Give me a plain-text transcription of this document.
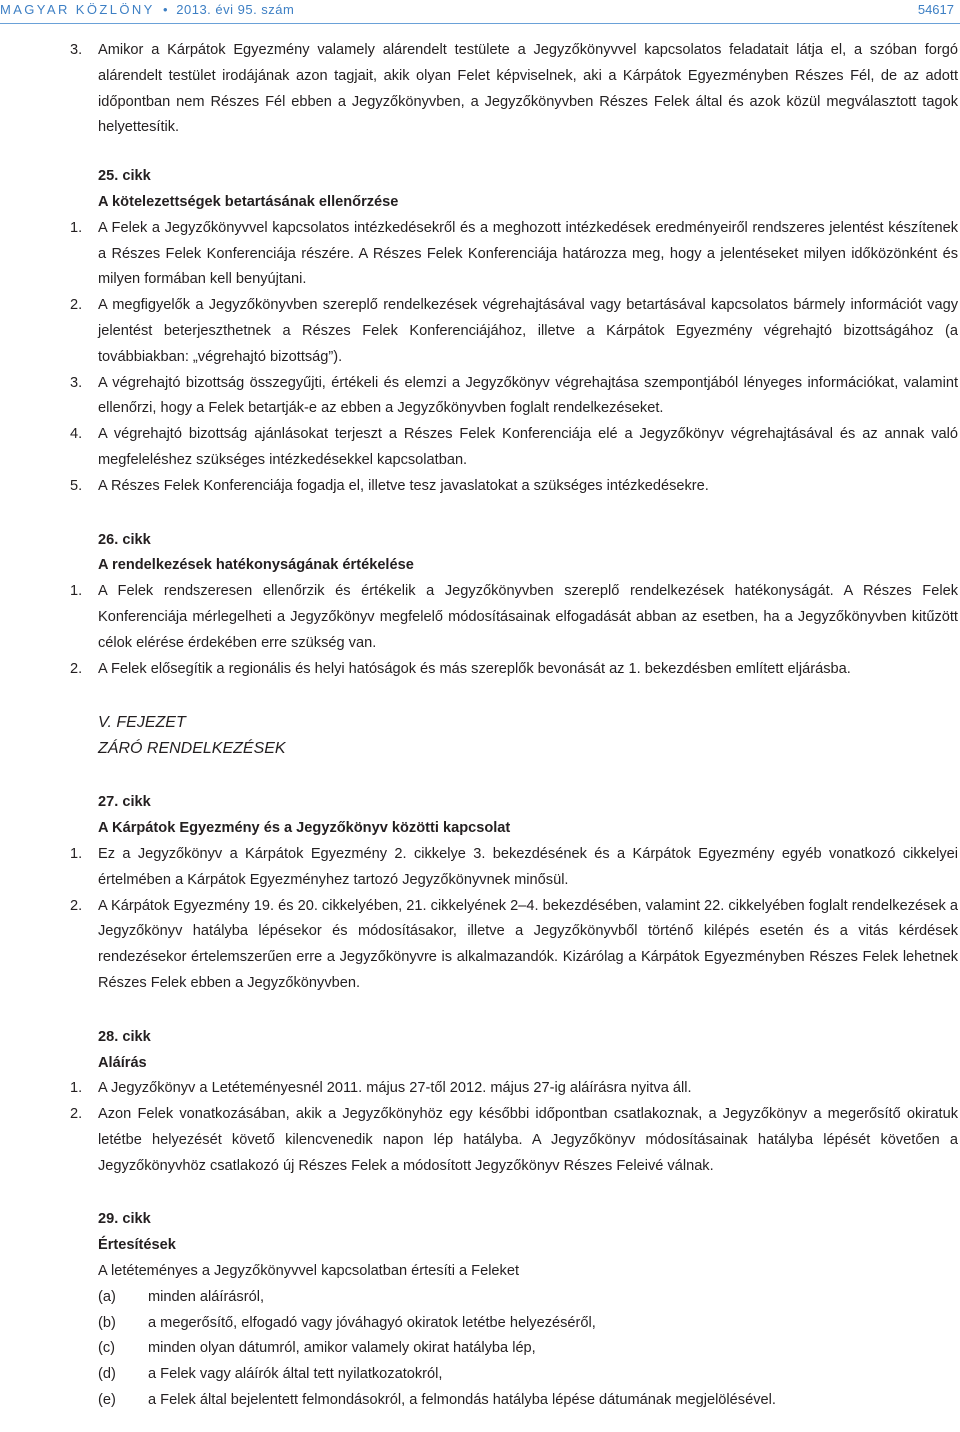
MAGYAR KÖZLÖNY • 2013. évi 95. szám	54617
3. Amikor a Kárpátok Egyezmény valamely alárendelt testülete a Jegyzőkönyvvel kapcsolatos feladatait látja el, a szóban forgó alárendelt testület irodájának azon tagjait, akik olyan Felet képviselnek, aki a Kárpátok Egyezményben Részes Fél, de az adott időpontban nem Részes Fél ebben a Jegyzőkönyvben, a Jegyzőkönyvben Részes Felek által és azok közül megválasztott tagok helyettesítik.
25. cikk
A kötelezettségek betartásának ellenőrzése
1. A Felek a Jegyzőkönyvvel kapcsolatos intézkedésekről és a meghozott intézkedések eredményeiről rendszeres jelentést készítenek a Részes Felek Konferenciája részére. A Részes Felek Konferenciája határozza meg, hogy a jelentéseket milyen időközönként és milyen formában kell benyújtani.
2. A megfigyelők a Jegyzőkönyvben szereplő rendelkezések végrehajtásával vagy betartásával kapcsolatos bármely információt vagy jelentést beterjeszthetnek a Részes Felek Konferenciájához, illetve a Kárpátok Egyezmény végrehajtó bizottságához (a továbbiakban: „végrehajtó bizottság”).
3. A végrehajtó bizottság összegyűjti, értékeli és elemzi a Jegyzőkönyv végrehajtása szempontjából lényeges információkat, valamint ellenőrzi, hogy a Felek betartják-e az ebben a Jegyzőkönyvben foglalt rendelkezéseket.
4. A végrehajtó bizottság ajánlásokat terjeszt a Részes Felek Konferenciája elé a Jegyzőkönyv végrehajtásával és az annak való megfeleléshez szükséges intézkedésekkel kapcsolatban.
5. A Részes Felek Konferenciája fogadja el, illetve tesz javaslatokat a szükséges intézkedésekre.
26. cikk
A rendelkezések hatékonyságának értékelése
1. A Felek rendszeresen ellenőrzik és értékelik a Jegyzőkönyvben szereplő rendelkezések hatékonyságát. A Részes Felek Konferenciája mérlegelheti a Jegyzőkönyv megfelelő módosításainak elfogadását abban az esetben, ha a Jegyzőkönyvben kitűzött célok elérése érdekében erre szükség van.
2. A Felek elősegítik a regionális és helyi hatóságok és más szereplők bevonását az 1. bekezdésben említett eljárásba.
V. FEJEZET
ZÁRÓ RENDELKEZÉSEK
27. cikk
A Kárpátok Egyezmény és a Jegyzőkönyv közötti kapcsolat
1. Ez a Jegyzőkönyv a Kárpátok Egyezmény 2. cikkelye 3. bekezdésének és a Kárpátok Egyezmény egyéb vonatkozó cikkelyei értelmében a Kárpátok Egyezményhez tartozó Jegyzőkönyvnek minősül.
2. A Kárpátok Egyezmény 19. és 20. cikkelyében, 21. cikkelyének 2–4. bekezdésében, valamint 22. cikkelyében foglalt rendelkezések a Jegyzőkönyv hatályba lépésekor és módosításakor, illetve a Jegyzőkönyvből történő kilépés esetén és a vitás kérdések rendezésekor értelemszerűen erre a Jegyzőkönyvre is alkalmazandók. Kizárólag a Kárpátok Egyezményben Részes Felek lehetnek Részes Felek ebben a Jegyzőkönyvben.
28. cikk
Aláírás
1. A Jegyzőkönyv a Letéteményesnél 2011. május 27-től 2012. május 27-ig aláírásra nyitva áll.
2. Azon Felek vonatkozásában, akik a Jegyzőkönyhöz egy későbbi időpontban csatlakoznak, a Jegyzőkönyv a megerősítő okiratuk letétbe helyezését követő kilencvenedik napon lép hatályba. A Jegyzőkönyv módosításainak hatályba lépését követően a Jegyzőkönyvhöz csatlakozó új Részes Felek a módosított Jegyzőkönyv Részes Feleivé válnak.
29. cikk
Értesítések
A letéteményes a Jegyzőkönyvvel kapcsolatban értesíti a Feleket
(a) minden aláírásról,
(b) a megerősítő, elfogadó vagy jóváhagyó okiratok letétbe helyezéséről,
(c) minden olyan dátumról, amikor valamely okirat hatályba lép,
(d) a Felek vagy aláírók által tett nyilatkozatokról,
(e) a Felek által bejelentett felmondásokról, a felmondás hatályba lépése dátumának megjelölésével.
